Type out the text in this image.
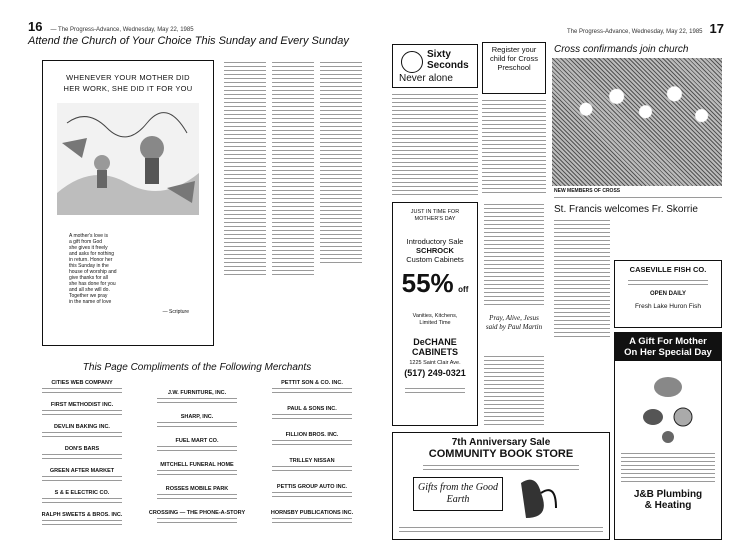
16 — The Progress-Advance, Wednesday, May 22, 1985
Attend the Church of Your Choice This Sunday and Every Sunday
WHENEVER YOUR MOTHER DID
HER WORK, SHE DID IT FOR YOU
A mother's love is
a gift from God
she gives it freely
and asks for nothing
in return. Honor her
this Sunday in the
house of worship and
give thanks for all
she has done for you
and all she will do.
Together we pray
in the name of love
— Scripture
This Page Compliments of the Following Merchants
CITIES WEB COMPANY
FIRST METHODIST INC.
DEVLIN BAKING INC.
DON'S BARS
GREEN AFTER MARKET
S & E ELECTRIC CO.
RALPH SWEETS & BROS. INC.
J.W. FURNITURE, INC.
SHARP, INC.
FUEL MART CO.
MITCHELL FUNERAL HOME
ROSSES MOBILE PARK
CROSSING — THE PHONE-A-STORY
PETTIT SON & CO. INC.
PAUL & SONS INC.
FILLION BROS. INC.
TRILLEY NISSAN
PETTIS GROUP AUTO INC.
HORNSBY PUBLICATIONS INC.
The Progress-Advance, Wednesday, May 22, 1985 17
Sixty Seconds
Never alone
Register your child for Cross Preschool
Cross confirmands join church
NEW MEMBERS OF CROSS
JUST IN TIME FOR MOTHER'S DAY
Introductory Sale
SCHROCK
Custom Cabinets
55% off
Vanities, Kitchens, Limited Time
DeCHANE CABINETS
1225 Saint Clair Ave.
(517) 249-0321
Pray, Alive, Jesus said by Paul Martin
St. Francis welcomes Fr. Skorrie
CASEVILLE FISH CO.
OPEN DAILY
Fresh Lake Huron Fish
A Gift For Mother
On Her Special Day
J&B Plumbing
& Heating
7th Anniversary Sale
COMMUNITY BOOK STORE
Gifts from the Good Earth
